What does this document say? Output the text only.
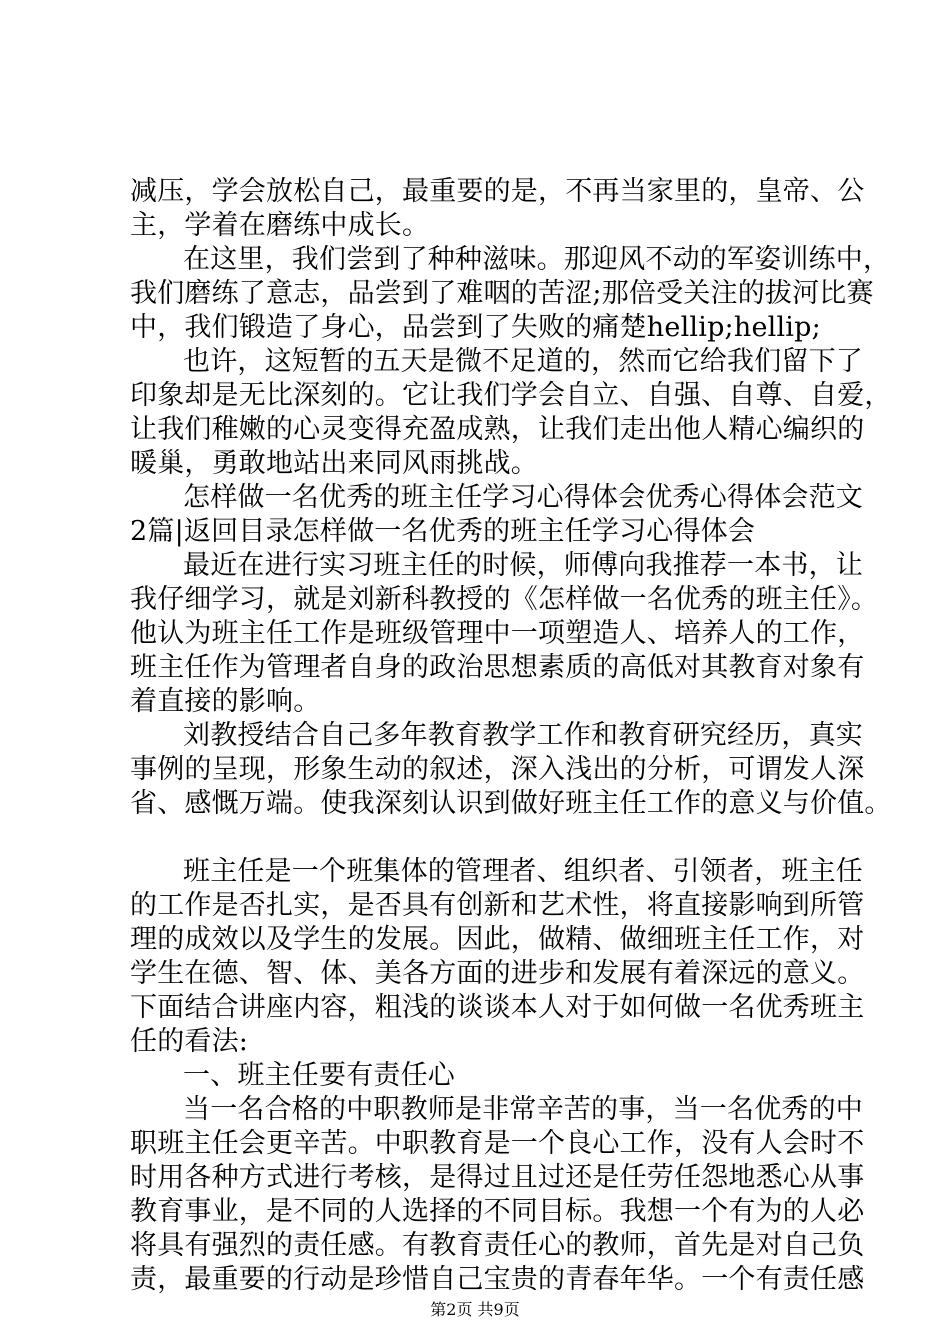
减压，学会放松自己，最重要的是，不再当家里的，皇帝、公
主，学着在磨练中成长。
在这里，我们尝到了种种滋味。那迎风不动的军姿训练中，
我们磨练了意志，品尝到了难咽的苦涩;那倍受关注的拔河比赛
中，我们锻造了身心，品尝到了失败的痛楚hellip;hellip;
也许，这短暂的五天是微不足道的，然而它给我们留下了
印象却是无比深刻的。它让我们学会自立、自强、自尊、自爱，
让我们稚嫩的心灵变得充盈成熟，让我们走出他人精心编织的
暖巢，勇敢地站出来同风雨挑战。
怎样做一名优秀的班主任学习心得体会优秀心得体会范文
2篇|返回目录怎样做一名优秀的班主任学习心得体会
最近在进行实习班主任的时候，师傅向我推荐一本书，让
我仔细学习，就是刘新科教授的《怎样做一名优秀的班主任》。
他认为班主任工作是班级管理中一项塑造人、培养人的工作，
班主任作为管理者自身的政治思想素质的高低对其教育对象有
着直接的影响。
刘教授结合自己多年教育教学工作和教育研究经历，真实
事例的呈现，形象生动的叙述，深入浅出的分析，可谓发人深
省、感慨万端。使我深刻认识到做好班主任工作的意义与价值。
班主任是一个班集体的管理者、组织者、引领者，班主任
的工作是否扎实，是否具有创新和艺术性，将直接影响到所管
理的成效以及学生的发展。因此，做精、做细班主任工作，对
学生在德、智、体、美各方面的进步和发展有着深远的意义。
下面结合讲座内容，粗浅的谈谈本人对于如何做一名优秀班主
任的看法:
一、班主任要有责任心
当一名合格的中职教师是非常辛苦的事，当一名优秀的中
职班主任会更辛苦。中职教育是一个良心工作，没有人会时不
时用各种方式进行考核，是得过且过还是任劳任怨地悉心从事
教育事业，是不同的人选择的不同目标。我想一个有为的人必
将具有强烈的责任感。有教育责任心的教师，首先是对自己负
责，最重要的行动是珍惜自己宝贵的青春年华。一个有责任感
第2页 共9页
